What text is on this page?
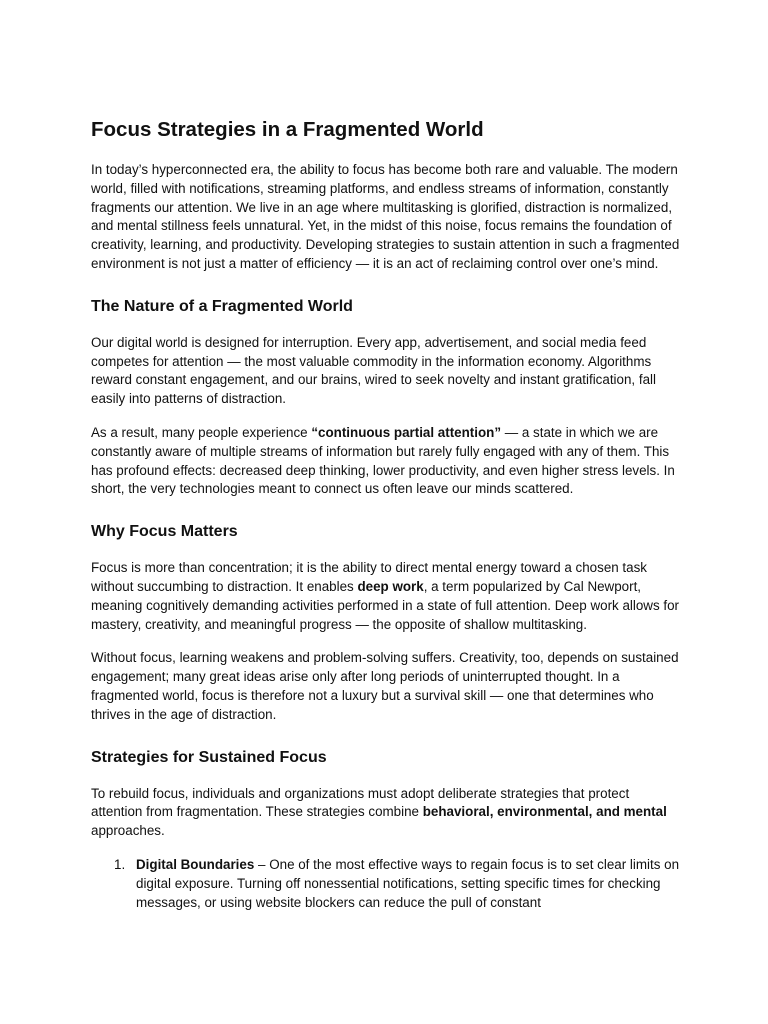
Focus Strategies in a Fragmented World

In today’s hyperconnected era, the ability to focus has become both rare and valuable. The modern world, filled with notifications, streaming platforms, and endless streams of information, constantly fragments our attention. We live in an age where multitasking is glorified, distraction is normalized, and mental stillness feels unnatural. Yet, in the midst of this noise, focus remains the foundation of creativity, learning, and productivity. Developing strategies to sustain attention in such a fragmented environment is not just a matter of efficiency — it is an act of reclaiming control over one’s mind.

The Nature of a Fragmented World

Our digital world is designed for interruption. Every app, advertisement, and social media feed competes for attention — the most valuable commodity in the information economy. Algorithms reward constant engagement, and our brains, wired to seek novelty and instant gratification, fall easily into patterns of distraction.

As a result, many people experience “continuous partial attention” — a state in which we are constantly aware of multiple streams of information but rarely fully engaged with any of them. This has profound effects: decreased deep thinking, lower productivity, and even higher stress levels. In short, the very technologies meant to connect us often leave our minds scattered.

Why Focus Matters

Focus is more than concentration; it is the ability to direct mental energy toward a chosen task without succumbing to distraction. It enables deep work, a term popularized by Cal Newport, meaning cognitively demanding activities performed in a state of full attention. Deep work allows for mastery, creativity, and meaningful progress — the opposite of shallow multitasking.

Without focus, learning weakens and problem-solving suffers. Creativity, too, depends on sustained engagement; many great ideas arise only after long periods of uninterrupted thought. In a fragmented world, focus is therefore not a luxury but a survival skill — one that determines who thrives in the age of distraction.

Strategies for Sustained Focus

To rebuild focus, individuals and organizations must adopt deliberate strategies that protect attention from fragmentation. These strategies combine behavioral, environmental, and mental approaches.

1. Digital Boundaries – One of the most effective ways to regain focus is to set clear limits on digital exposure. Turning off nonessential notifications, setting specific times for checking messages, or using website blockers can reduce the pull of constant
